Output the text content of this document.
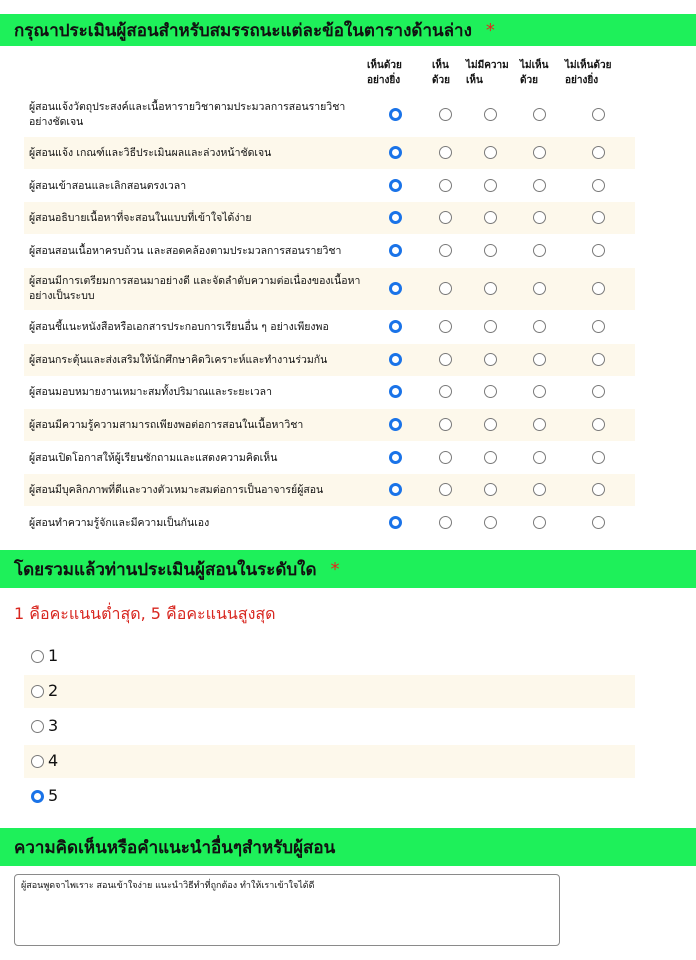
กรุณาประเมินผู้สอนสำหรับสมรรถนะแต่ละข้อในตารางด้านล่าง *
เห็นด้วย
อย่างยิ่ง
เห็น
ด้วย
ไม่มีความ
เห็น
ไม่เห็น
ด้วย
ไม่เห็นด้วย
อย่างยิ่ง
ผู้สอนแจ้งวัตถุประสงค์และเนื้อหารายวิชาตามประมวลการสอนรายวิชาอย่างชัดเจน
ผู้สอนแจ้ง เกณฑ์และวิธีประเมินผลและล่วงหน้าชัดเจน
ผู้สอนเข้าสอนและเลิกสอนตรงเวลา
ผู้สอนอธิบายเนื้อหาที่จะสอนในแบบที่เข้าใจได้ง่าย
ผู้สอนสอนเนื้อหาครบถ้วน และสอดคล้องตามประมวลการสอนรายวิชา
ผู้สอนมีการเตรียมการสอนมาอย่างดี และจัดลำดับความต่อเนื่องของเนื้อหาอย่างเป็นระบบ
ผู้สอนชี้แนะหนังสือหรือเอกสารประกอบการเรียนอื่น ๆ อย่างเพียงพอ
ผู้สอนกระตุ้นและส่งเสริมให้นักศึกษาคิดวิเคราะห์และทำงานร่วมกัน
ผู้สอนมอบหมายงานเหมาะสมทั้งปริมาณและระยะเวลา
ผู้สอนมีความรู้ความสามารถเพียงพอต่อการสอนในเนื้อหาวิชา
ผู้สอนเปิดโอกาสให้ผู้เรียนซักถามและแสดงความคิดเห็น
ผู้สอนมีบุคลิกภาพที่ดีและวางตัวเหมาะสมต่อการเป็นอาจารย์ผู้สอน
ผู้สอนทำความรู้จักและมีความเป็นกันเอง
โดยรวมแล้วท่านประเมินผู้สอนในระดับใด *
1 คือคะแนนต่ำสุด, 5 คือคะแนนสูงสุด
1
2
3
4
5
ความคิดเห็นหรือคำแนะนำอื่นๆสำหรับผู้สอน
ผู้สอนพูดจาไพเราะ สอนเข้าใจง่าย แนะนำวิธีทำที่ถูกต้อง ทำให้เราเข้าใจได้ดี
